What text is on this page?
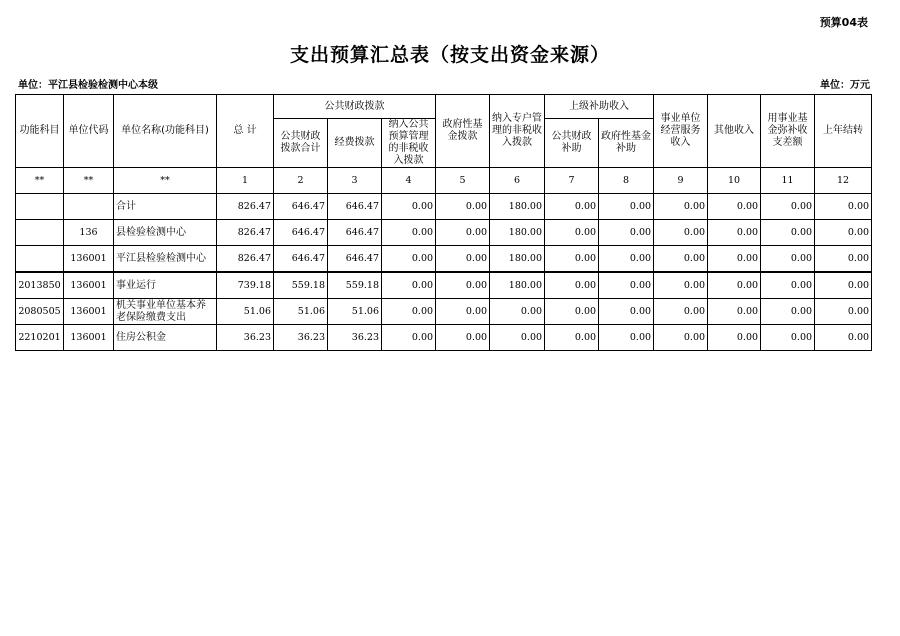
预算04表
支出预算汇总表（按支出资金来源）
单位：平江县检验检测中心本级	单位：万元
功能科目	单位代码	单位名称(功能科目)	总 计	公共财政拨款			政府性基金拨款	纳入专户管理的非税收入拨款	上级补助收入		事业单位经营服务收入	其他收入	用事业基金弥补收支差额	上年结转
				公共财政拨款合计	经费拨款	纳入公共预算管理的非税收入拨款								
									公共财政补助	政府性基金补助				
**	**	**	1	2	3	4	5	6	7	8	9	10	11	12
		合计	826.47	646.47	646.47	0.00	0.00	180.00	0.00	0.00	0.00	0.00	0.00	0.00
	136	县检验检测中心	826.47	646.47	646.47	0.00	0.00	180.00	0.00	0.00	0.00	0.00	0.00	0.00
	136001	平江县检验检测中心	826.47	646.47	646.47	0.00	0.00	180.00	0.00	0.00	0.00	0.00	0.00	0.00
2013850	136001	事业运行	739.18	559.18	559.18	0.00	0.00	180.00	0.00	0.00	0.00	0.00	0.00	0.00
2080505	136001	机关事业单位基本养老保险缴费支出	51.06	51.06	51.06	0.00	0.00	0.00	0.00	0.00	0.00	0.00	0.00	0.00
2210201	136001	住房公积金	36.23	36.23	36.23	0.00	0.00	0.00	0.00	0.00	0.00	0.00	0.00	0.00
